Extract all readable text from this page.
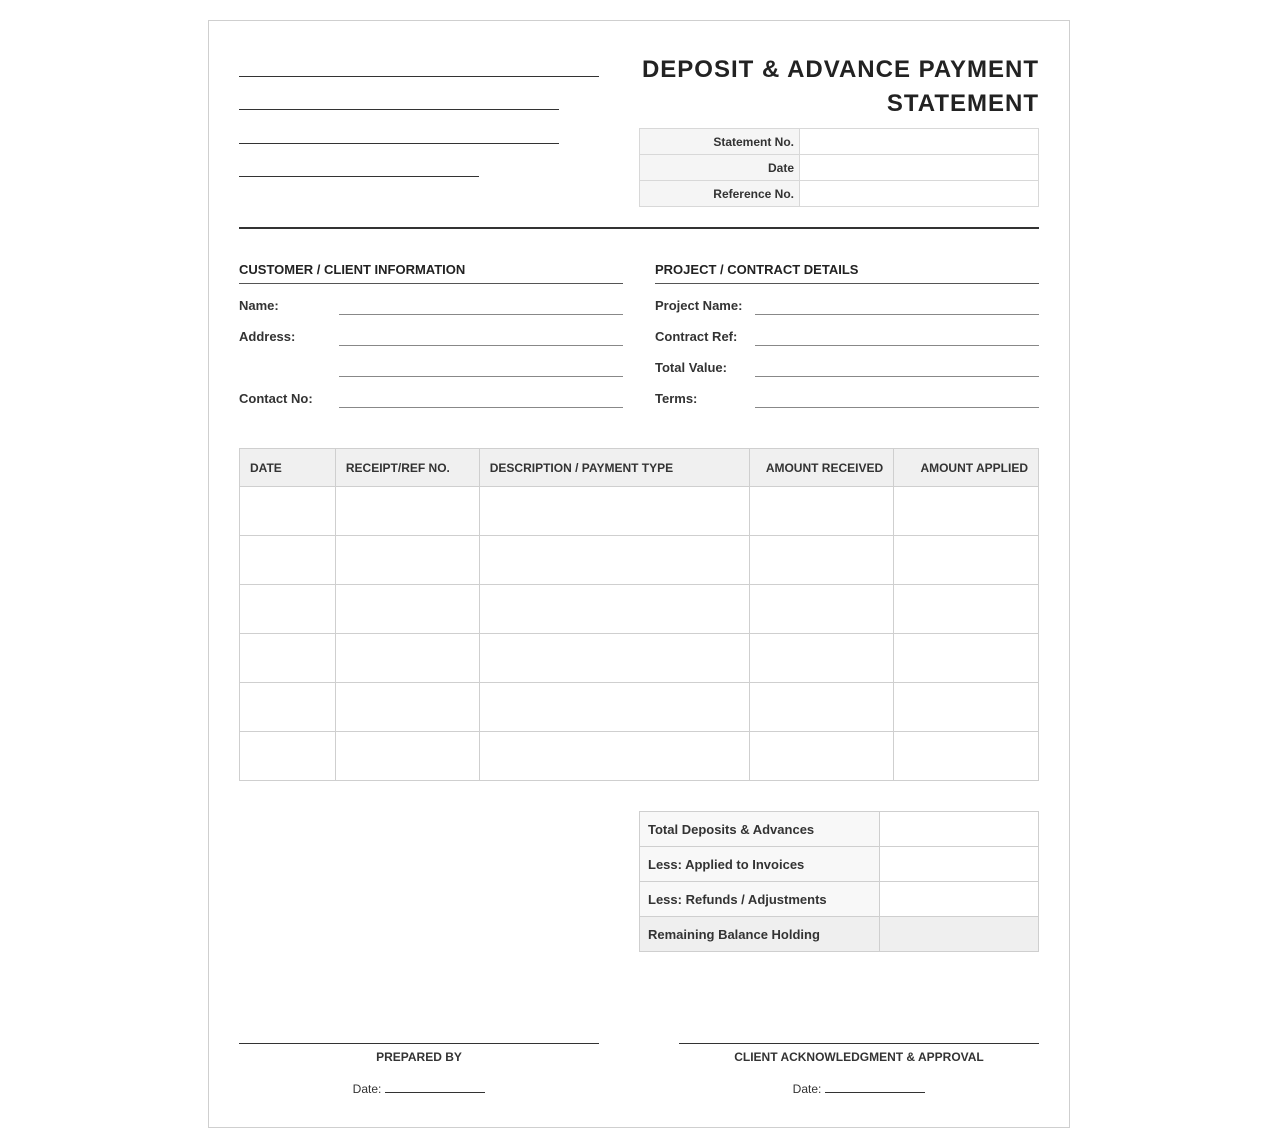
DEPOSIT & ADVANCE PAYMENT
STATEMENT
Statement No.	
Date	
Reference No.	
CUSTOMER / CLIENT INFORMATION
Name:
Address:
Contact No:
PROJECT / CONTRACT DETAILS
Project Name:
Contract Ref:
Total Value:
Terms:
DATE	RECEIPT/REF NO.	DESCRIPTION / PAYMENT TYPE	AMOUNT RECEIVED	AMOUNT APPLIED

Total Deposits & Advances	
Less: Applied to Invoices	
Less: Refunds / Adjustments	
Remaining Balance Holding	
PREPARED BY
Date:
CLIENT ACKNOWLEDGMENT & APPROVAL
Date:
